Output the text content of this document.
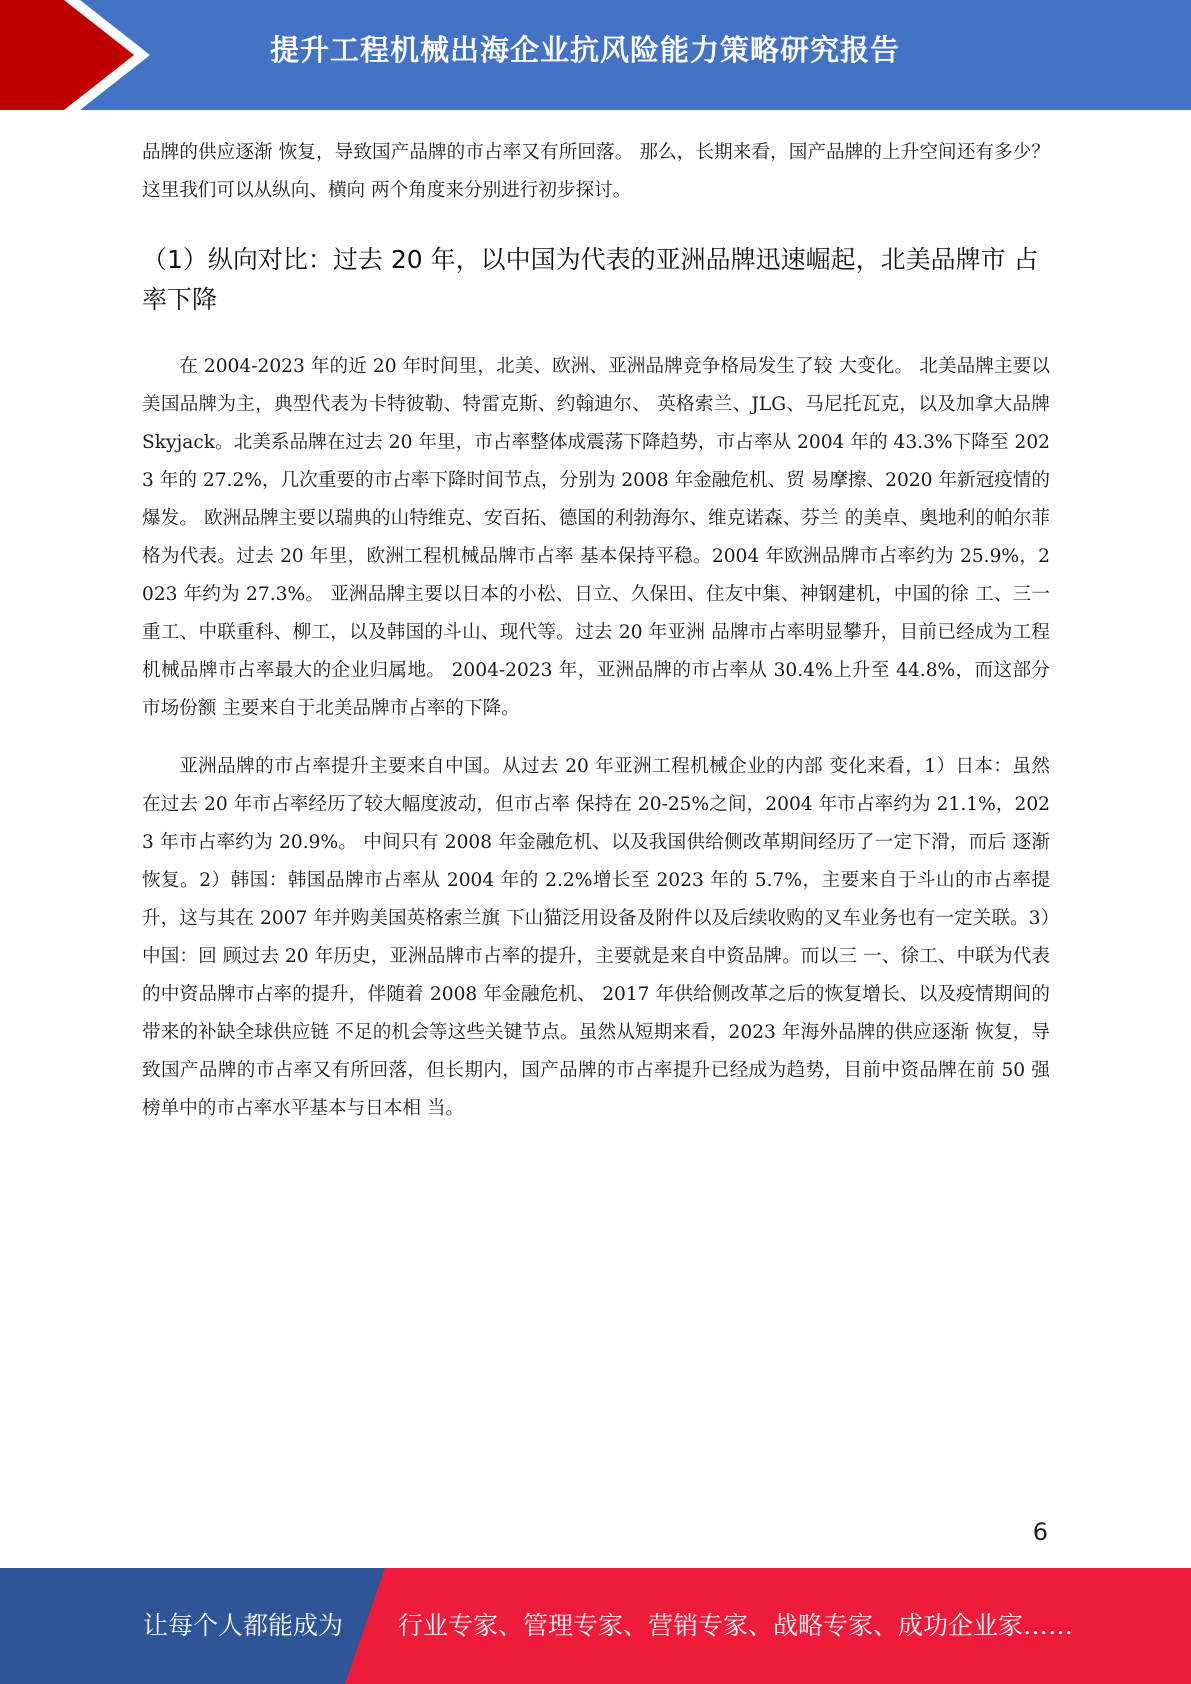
提升工程机械出海企业抗风险能力策略研究报告

品牌的供应逐渐 恢复，导致国产品牌的市占率又有所回落。 那么，长期来看，国产品牌的上升空间还有多少？这里我们可以从纵向、横向 两个角度来分别进行初步探讨。

（1）纵向对比：过去 20 年，以中国为代表的亚洲品牌迅速崛起，北美品牌市 占率下降

在 2004-2023 年的近 20 年时间里，北美、欧洲、亚洲品牌竞争格局发生了较 大变化。 北美品牌主要以美国品牌为主，典型代表为卡特彼勒、特雷克斯、约翰迪尔、 英格索兰、JLG、马尼托瓦克，以及加拿大品牌 Skyjack。北美系品牌在过去 20 年里，市占率整体成震荡下降趋势，市占率从 2004 年的 43.3%下降至 2023 年的 27.2%，几次重要的市占率下降时间节点，分别为 2008 年金融危机、贸 易摩擦、2020 年新冠疫情的爆发。 欧洲品牌主要以瑞典的山特维克、安百拓、德国的利勃海尔、维克诺森、芬兰 的美卓、奥地利的帕尔菲格为代表。过去 20 年里，欧洲工程机械品牌市占率 基本保持平稳。2004 年欧洲品牌市占率约为 25.9%，2023 年约为 27.3%。 亚洲品牌主要以日本的小松、日立、久保田、住友中集、神钢建机，中国的徐 工、三一重工、中联重科、柳工，以及韩国的斗山、现代等。过去 20 年亚洲 品牌市占率明显攀升，目前已经成为工程机械品牌市占率最大的企业归属地。 2004-2023 年，亚洲品牌的市占率从 30.4%上升至 44.8%，而这部分市场份额 主要来自于北美品牌市占率的下降。

亚洲品牌的市占率提升主要来自中国。从过去 20 年亚洲工程机械企业的内部 变化来看，1）日本：虽然在过去 20 年市占率经历了较大幅度波动，但市占率 保持在 20-25%之间，2004 年市占率约为 21.1%，2023 年市占率约为 20.9%。 中间只有 2008 年金融危机、以及我国供给侧改革期间经历了一定下滑，而后 逐渐恢复。2）韩国：韩国品牌市占率从 2004 年的 2.2%增长至 2023 年的 5.7%，主要来自于斗山的市占率提升，这与其在 2007 年并购美国英格索兰旗 下山猫泛用设备及附件以及后续收购的叉车业务也有一定关联。3）中国：回 顾过去 20 年历史，亚洲品牌市占率的提升，主要就是来自中资品牌。而以三 一、徐工、中联为代表的中资品牌市占率的提升，伴随着 2008 年金融危机、 2017 年供给侧改革之后的恢复增长、以及疫情期间的带来的补缺全球供应链 不足的机会等这些关键节点。虽然从短期来看，2023 年海外品牌的供应逐渐 恢复，导致国产品牌的市占率又有所回落，但长期内，国产品牌的市占率提升已经成为趋势，目前中资品牌在前 50 强榜单中的市占率水平基本与日本相 当。

6
让每个人都能成为 行业专家、管理专家、营销专家、战略专家、成功企业家……
